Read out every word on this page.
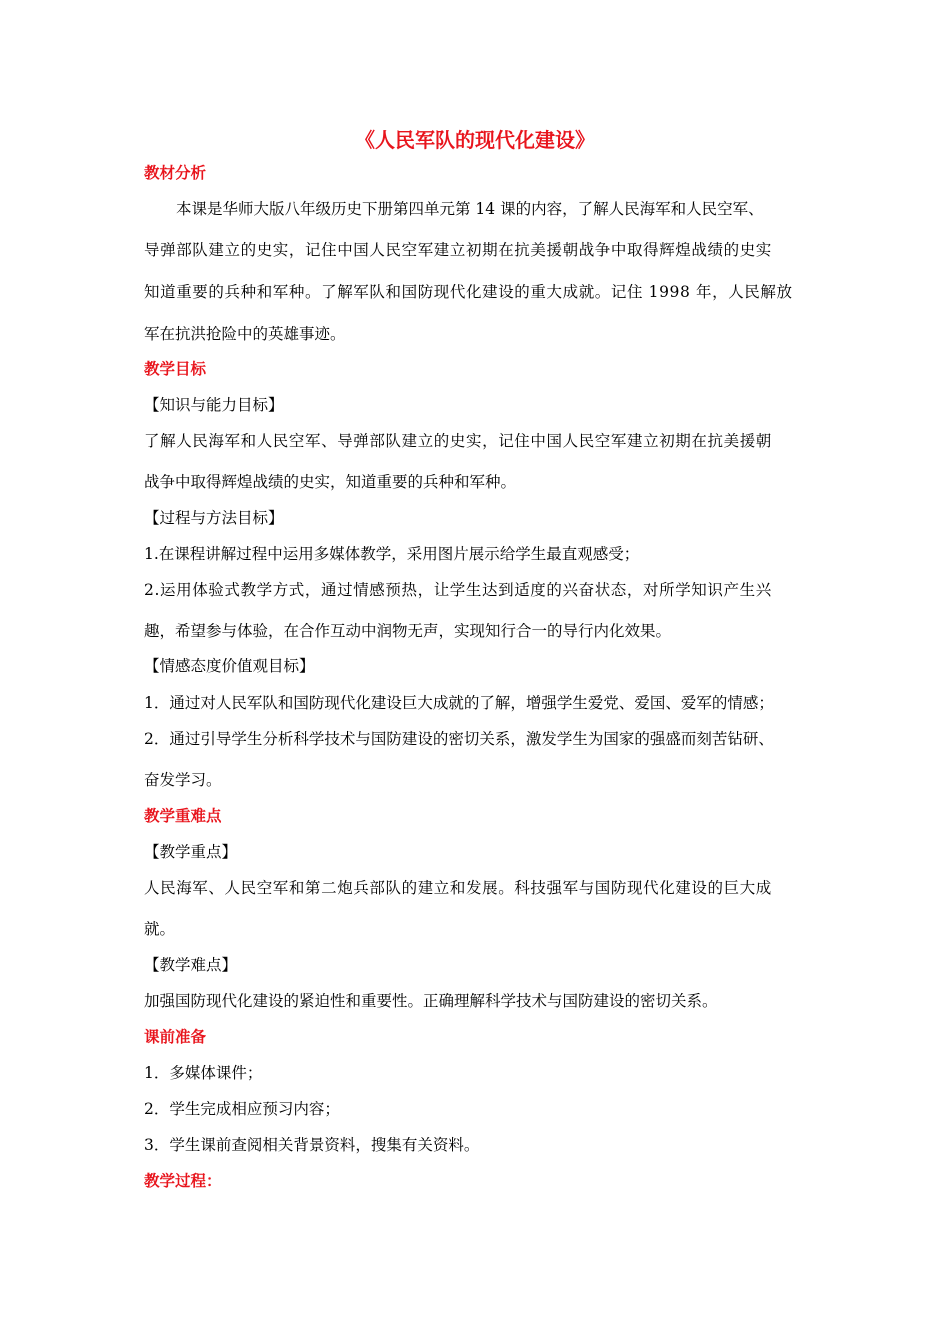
《人民军队的现代化建设》
教材分析
本课是华师大版八年级历史下册第四单元第 14 课的内容，了解人民海军和人民空军、
导弹部队建立的史实，记住中国人民空军建立初期在抗美援朝战争中取得辉煌战绩的史实
知道重要的兵种和军种。了解军队和国防现代化建设的重大成就。记住 1998 年，人民解放
军在抗洪抢险中的英雄事迹。
教学目标
【知识与能力目标】
了解人民海军和人民空军、导弹部队建立的史实，记住中国人民空军建立初期在抗美援朝
战争中取得辉煌战绩的史实，知道重要的兵种和军种。
【过程与方法目标】
1.在课程讲解过程中运用多媒体教学，采用图片展示给学生最直观感受；
2.运用体验式教学方式，通过情感预热，让学生达到适度的兴奋状态，对所学知识产生兴
趣，希望参与体验，在合作互动中润物无声，实现知行合一的导行内化效果。
【情感态度价值观目标】
1．通过对人民军队和国防现代化建设巨大成就的了解，增强学生爱党、爱国、爱军的情感；
2．通过引导学生分析科学技术与国防建设的密切关系，激发学生为国家的强盛而刻苦钻研、
奋发学习。
教学重难点
【教学重点】
人民海军、人民空军和第二炮兵部队的建立和发展。科技强军与国防现代化建设的巨大成
就。
【教学难点】
加强国防现代化建设的紧迫性和重要性。正确理解科学技术与国防建设的密切关系。
课前准备
1．多媒体课件；
2．学生完成相应预习内容；
3．学生课前查阅相关背景资料，搜集有关资料。
教学过程：
